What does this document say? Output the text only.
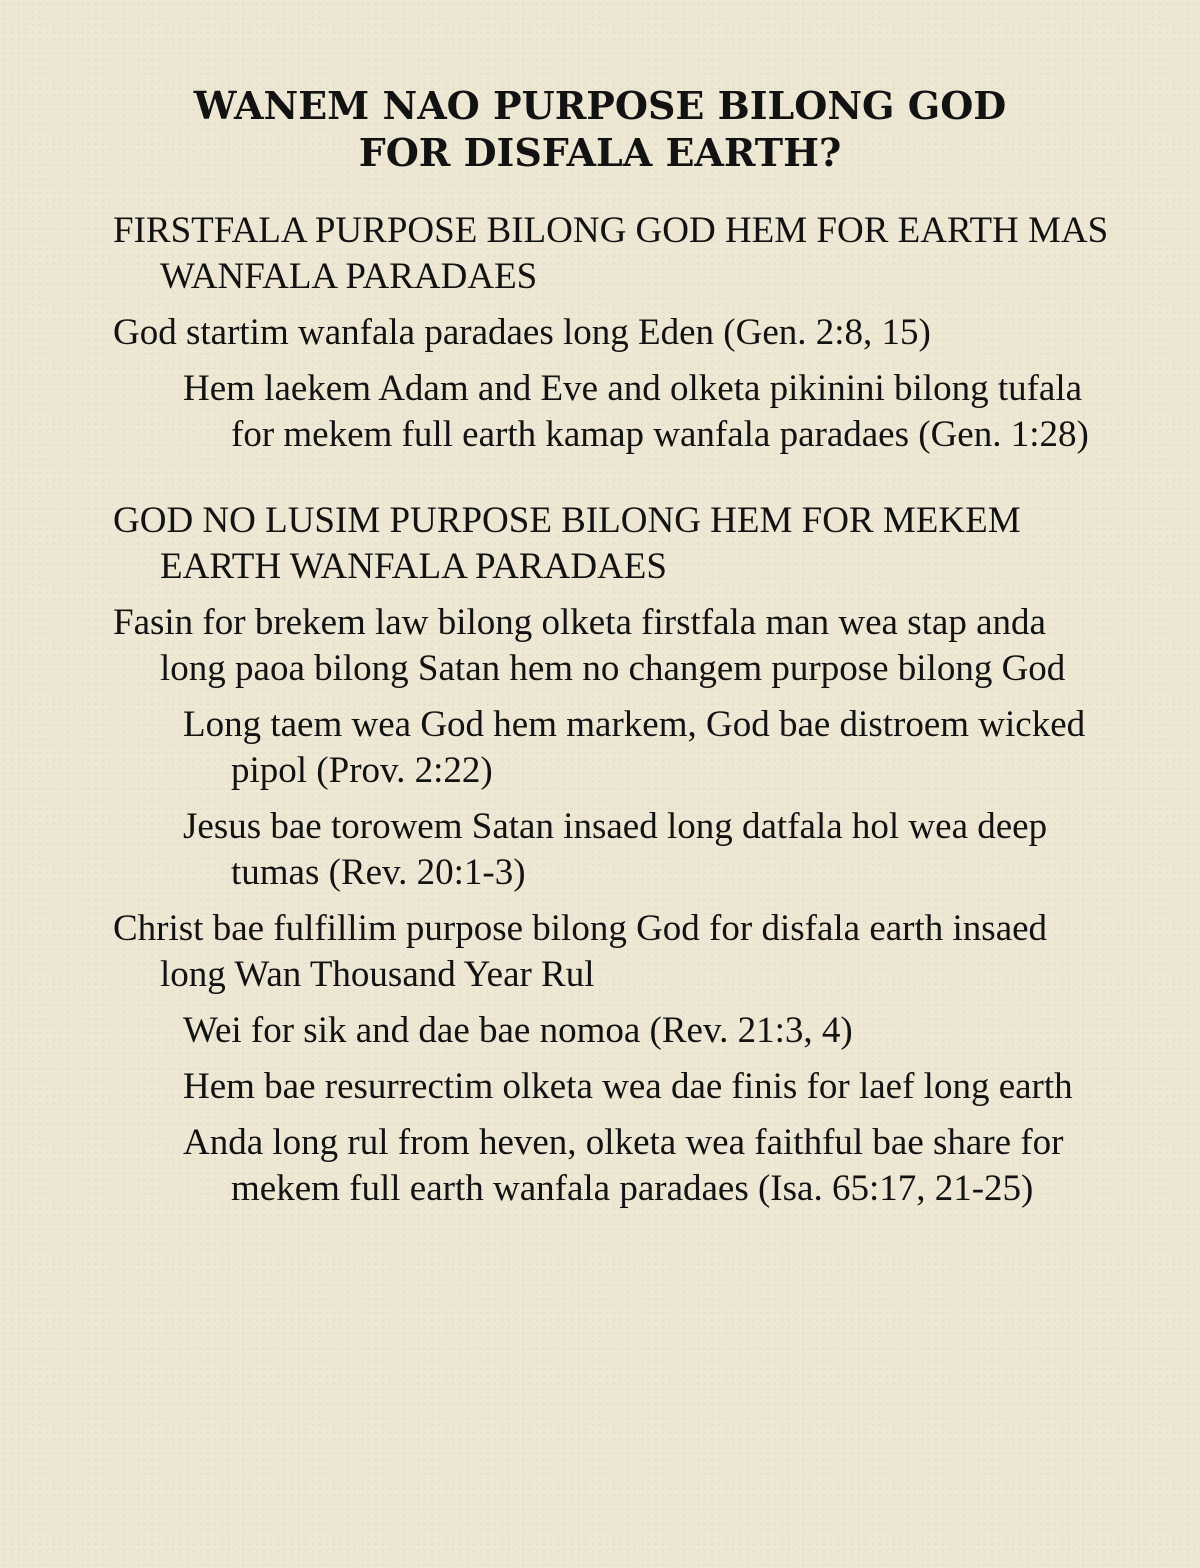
WANEM NAO PURPOSE BILONG GOD
FOR DISFALA EARTH?
FIRSTFALA PURPOSE BILONG GOD HEM FOR EARTH MAS WANFALA PARADAES
God startim wanfala paradaes long Eden (Gen. 2:8, 15)
Hem laekem Adam and Eve and olketa pikinini bilong tufala for mekem full earth kamap wanfala paradaes (Gen. 1:28)
GOD NO LUSIM PURPOSE BILONG HEM FOR MEKEM EARTH WANFALA PARADAES
Fasin for brekem law bilong olketa firstfala man wea stap anda long paoa bilong Satan hem no changem purpose bilong God
Long taem wea God hem markem, God bae distroem wicked pipol (Prov. 2:22)
Jesus bae torowem Satan insaed long datfala hol wea deep tumas (Rev. 20:1-3)
Christ bae fulfillim purpose bilong God for disfala earth insaed long Wan Thousand Year Rul
Wei for sik and dae bae nomoa (Rev. 21:3, 4)
Hem bae resurrectim olketa wea dae finis for laef long earth
Anda long rul from heven, olketa wea faithful bae share for mekem full earth wanfala paradaes (Isa. 65:17, 21-25)
